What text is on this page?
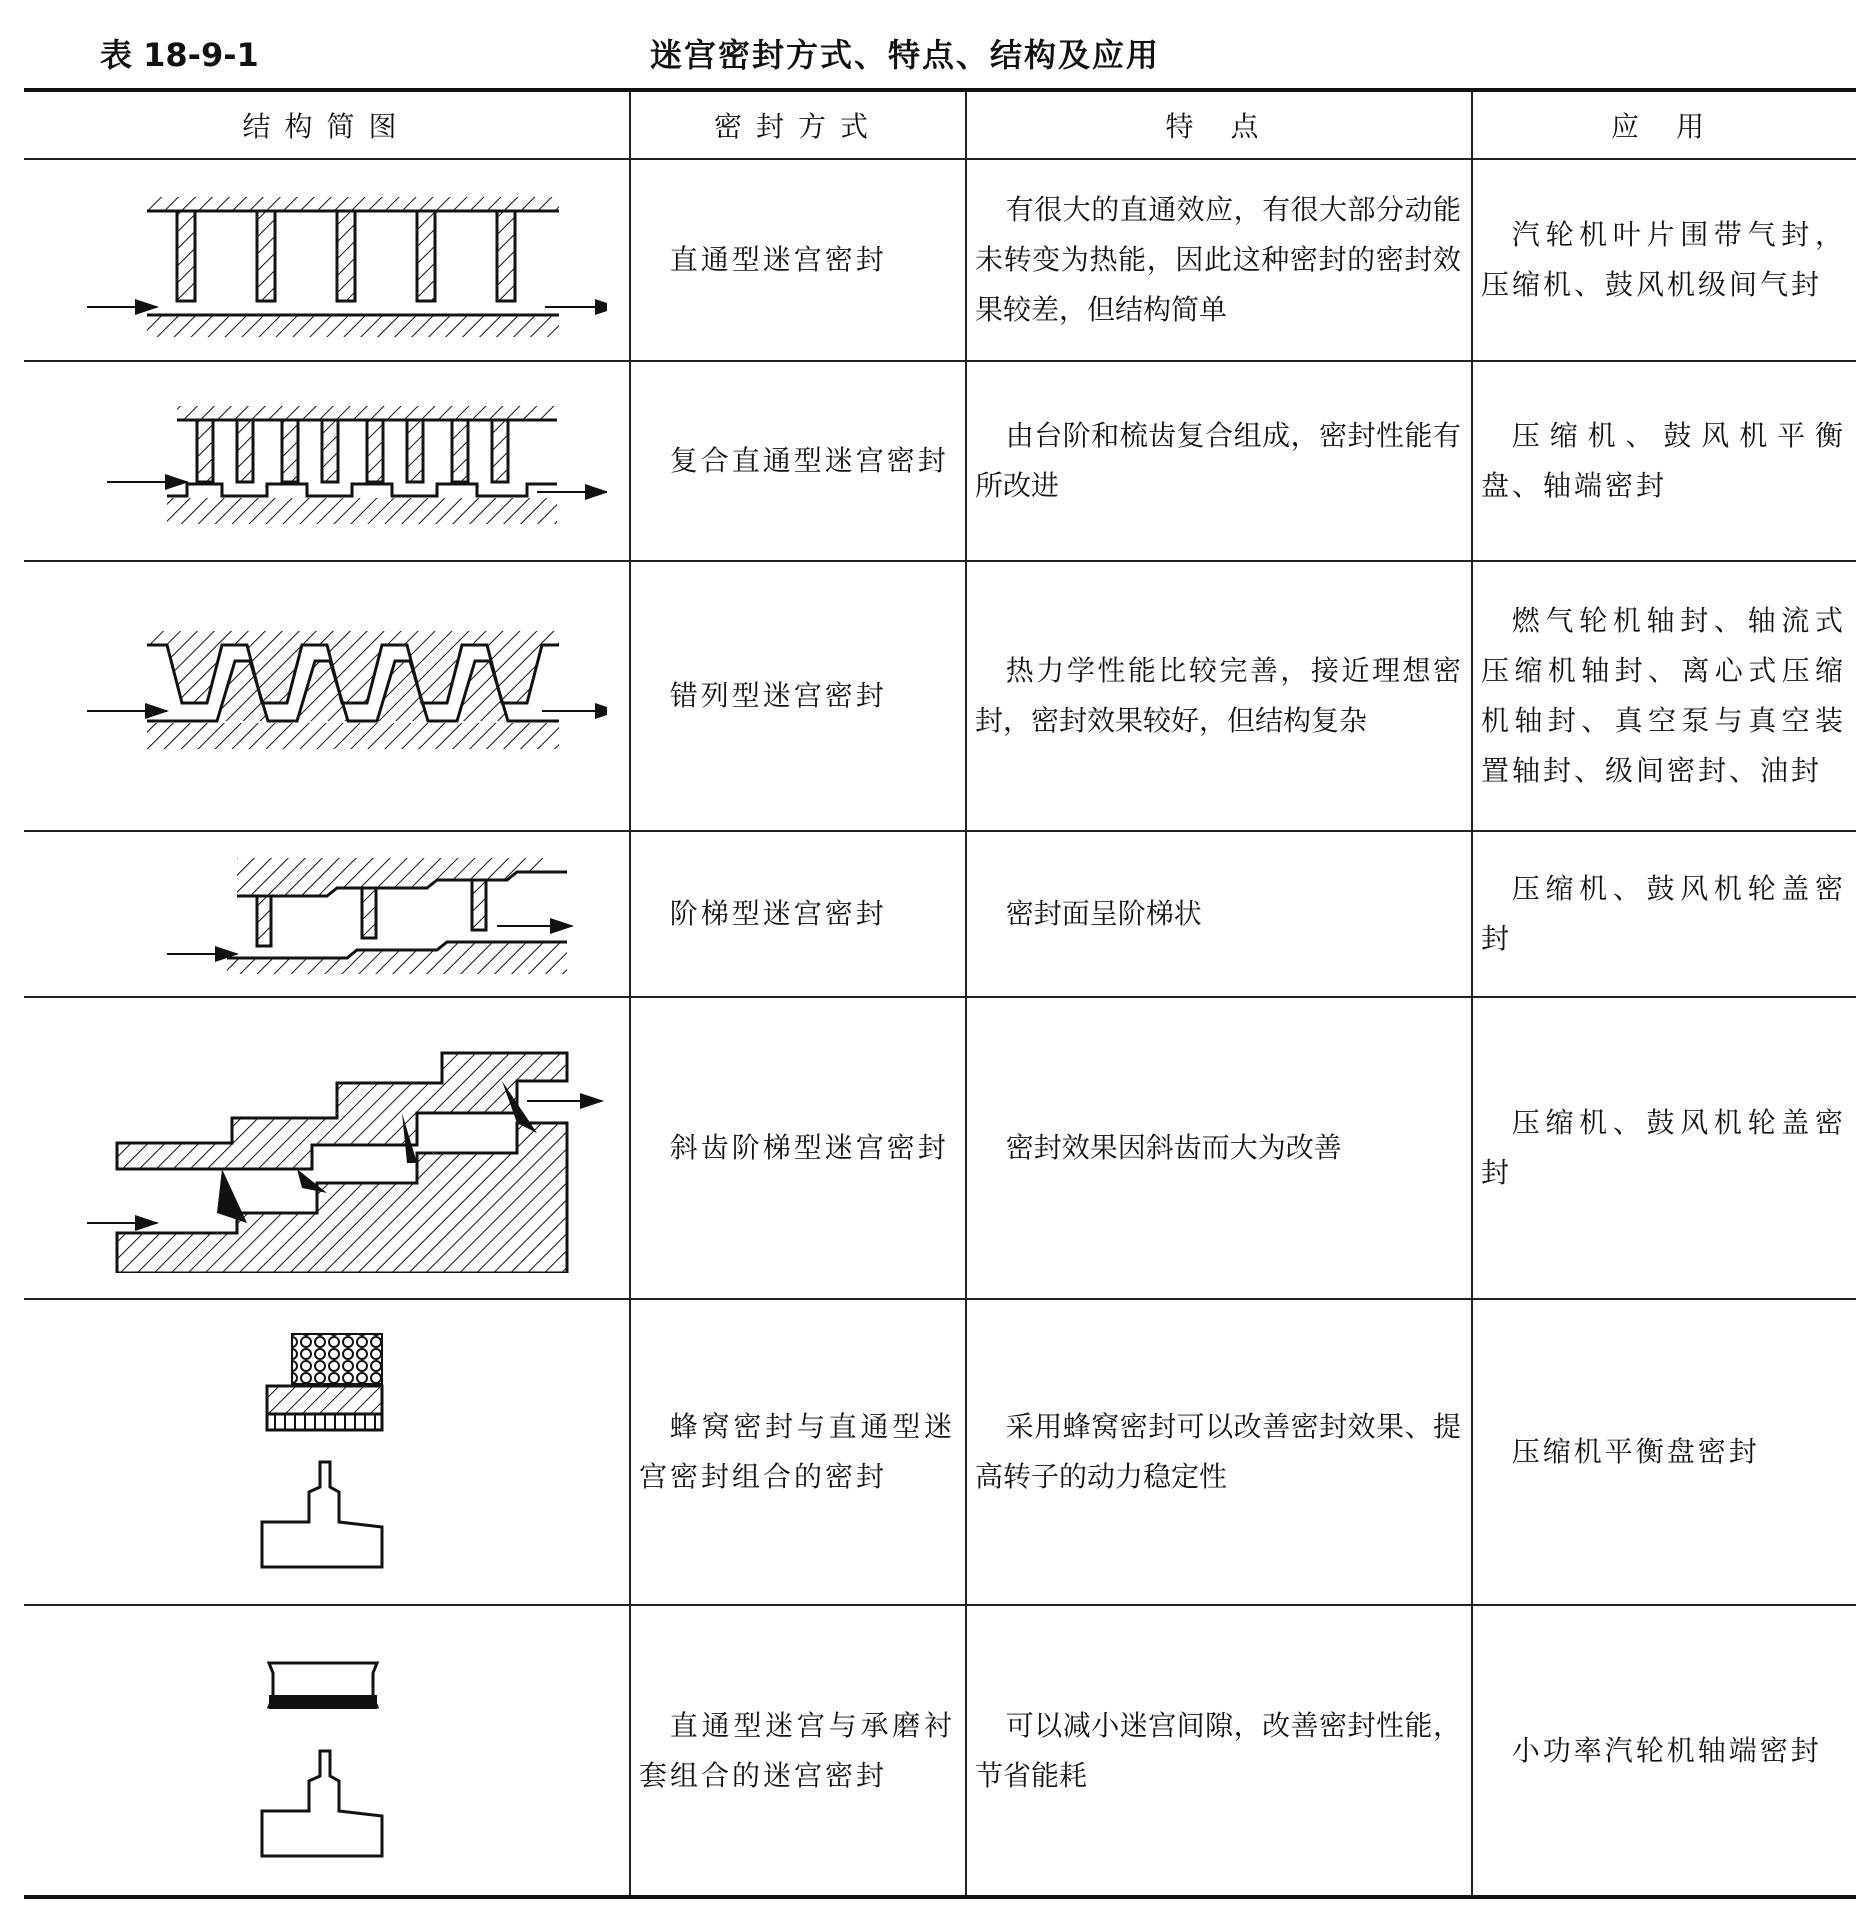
表 18-9-1	迷宫密封方式、特点、结构及应用
结构简图	密封方式	特 点	应 用

	直通型迷宫密封	有很大的直通效应，有很大部分动能未转变为热能，因此这种密封的密封效果较差，但结构简单	汽轮机叶片围带气封，压缩机、鼓风机级间气封

	复合直通型迷宫密封	由台阶和梳齿复合组成，密封性能有所改进	压缩机、鼓风机平衡盘、轴端密封

	错列型迷宫密封	热力学性能比较完善，接近理想密封，密封效果较好，但结构复杂	燃气轮机轴封、轴流式压缩机轴封、离心式压缩机轴封、真空泵与真空装置轴封、级间密封、油封

	阶梯型迷宫密封	密封面呈阶梯状	压缩机、鼓风机轮盖密封

	斜齿阶梯型迷宫密封	密封效果因斜齿而大为改善	压缩机、鼓风机轮盖密封

	蜂窝密封与直通型迷宫密封组合的密封	采用蜂窝密封可以改善密封效果、提高转子的动力稳定性	压缩机平衡盘密封

	直通型迷宫与承磨衬套组合的迷宫密封	可以减小迷宫间隙，改善密封性能，节省能耗	小功率汽轮机轴端密封
